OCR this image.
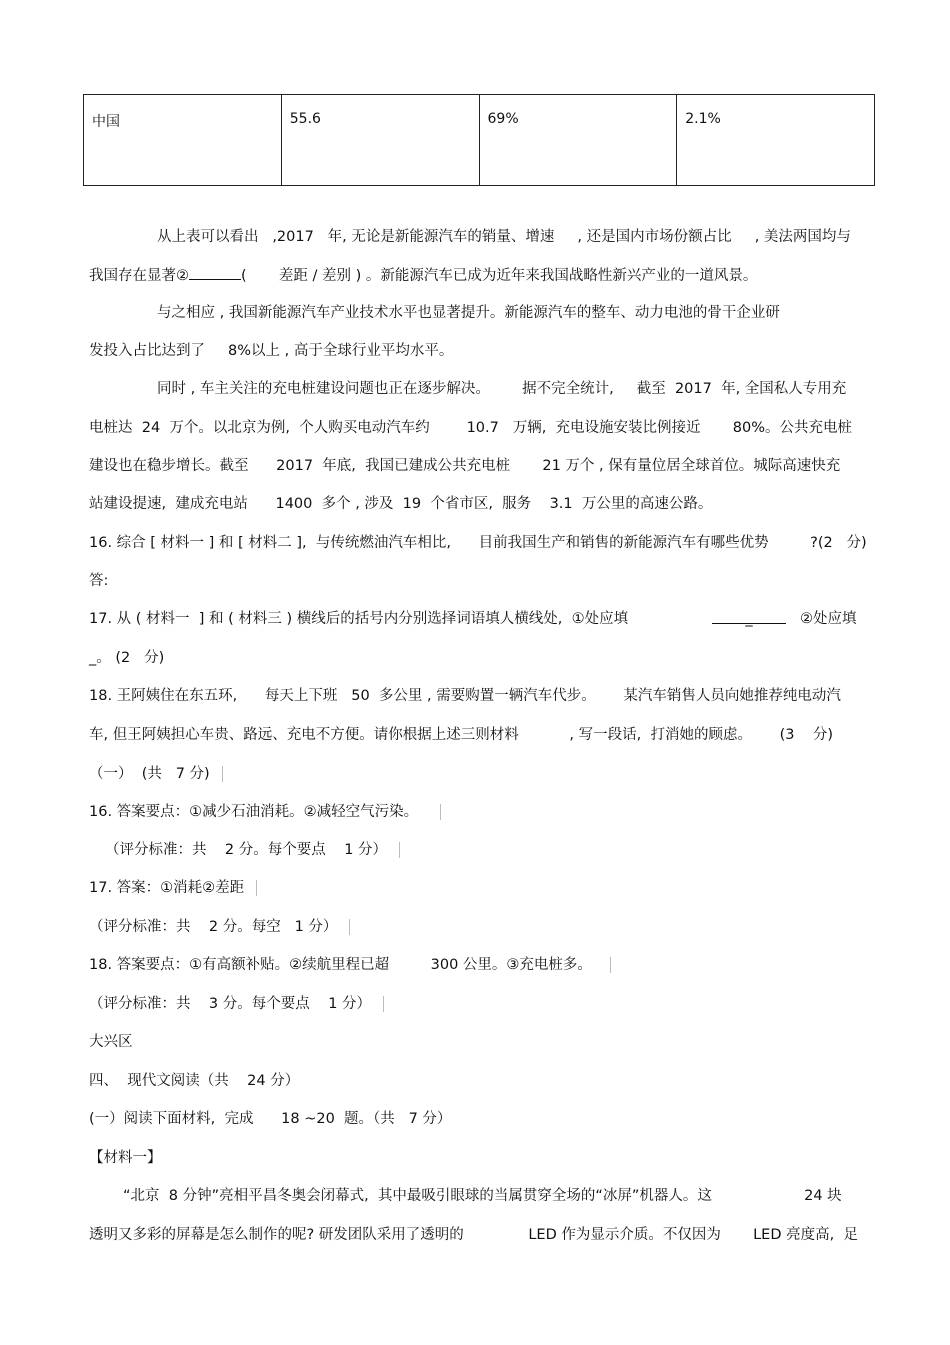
中国	55.6	69%	2.1%
从上表可以看出   ,2017   年, 无论是新能源汽车的销量、增速     , 还是国内市场份额占比     , 美法两国均与
我国存在显著②	(       差距 / 差别 ) 。新能源汽车已成为近年来我国战略性新兴产业的一道风景。
与之相应 , 我国新能源汽车产业技术水平也显著提升。新能源汽车的整车、动力电池的骨干企业研
发投入占比达到了     8%以上 , 高于全球行业平均水平。
同时 , 车主关注的充电桩建设问题也正在逐步解决。       据不完全统计,     截至  2017  年, 全国私人专用充
电桩达  24  万个。以北京为例,  个人购买电动汽车约        10.7   万辆,  充电设施安装比例接近       80%。公共充电桩
建设也在稳步增长。截至      2017  年底,  我国已建成公共充电桩       21 万个 , 保有量位居全球首位。城际高速快充
站建设提速,  建成充电站      1400  多个 , 涉及  19  个省市区,  服务    3.1  万公里的高速公路。
16. 综合 [ 材料一 ] 和 [ 材料二 ],  与传统燃油汽车相比,      目前我国生产和销售的新能源汽车有哪些优势         ?(2   分)
答:
17. 从 ( 材料一  ] 和 ( 材料三 ) 横线后的括号内分别选择词语填人横线处,  ①处应填	_	②处应填
_。 (2   分)
18. 王阿姨住在东五环,      每天上下班   50  多公里 , 需要购置一辆汽车代步。      某汽车销售人员向她推荐纯电动汽
车, 但王阿姨担心车贵、路远、充电不方便。请你根据上述三则材料           , 写一段话,  打消她的顾虑。      (3    分)
（一）  (共   7 分)
16. 答案要点：①减少石油消耗。②减轻空气污染。
（评分标准：共    2 分。每个要点    1 分）
17. 答案：①消耗②差距
（评分标准：共    2 分。每空   1 分）
18. 答案要点：①有高额补贴。②续航里程已超         300 公里。③充电桩多。
（评分标准：共    3 分。每个要点    1 分）
大兴区
四、  现代文阅读（共    24 分）
(一）阅读下面材料,  完成      18 ~20  题。（共   7 分）
【材料一】
“北京  8 分钟”亮相平昌冬奥会闭幕式,  其中最吸引眼球的当属贯穿全场的“冰屏”机器人。这                    24 块
透明又多彩的屏幕是怎么制作的呢? 研发团队采用了透明的              LED 作为显示介质。不仅因为       LED 亮度高,  足
